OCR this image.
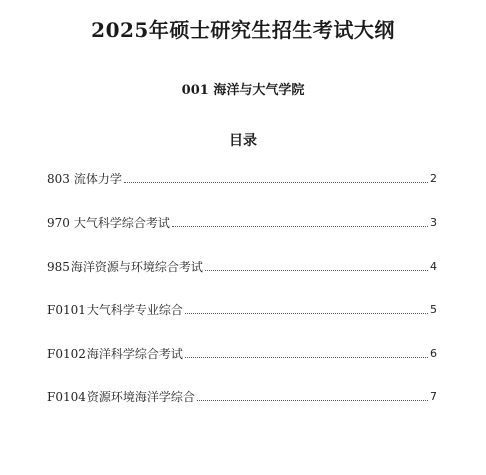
2025年硕士研究生招生考试大纲
001 海洋与大气学院
目录
803 流体力学	2
970 大气科学综合考试	3
985海洋资源与环境综合考试	4
F0101大气科学专业综合	5
F0102海洋科学综合考试	6
F0104资源环境海洋学综合	7
